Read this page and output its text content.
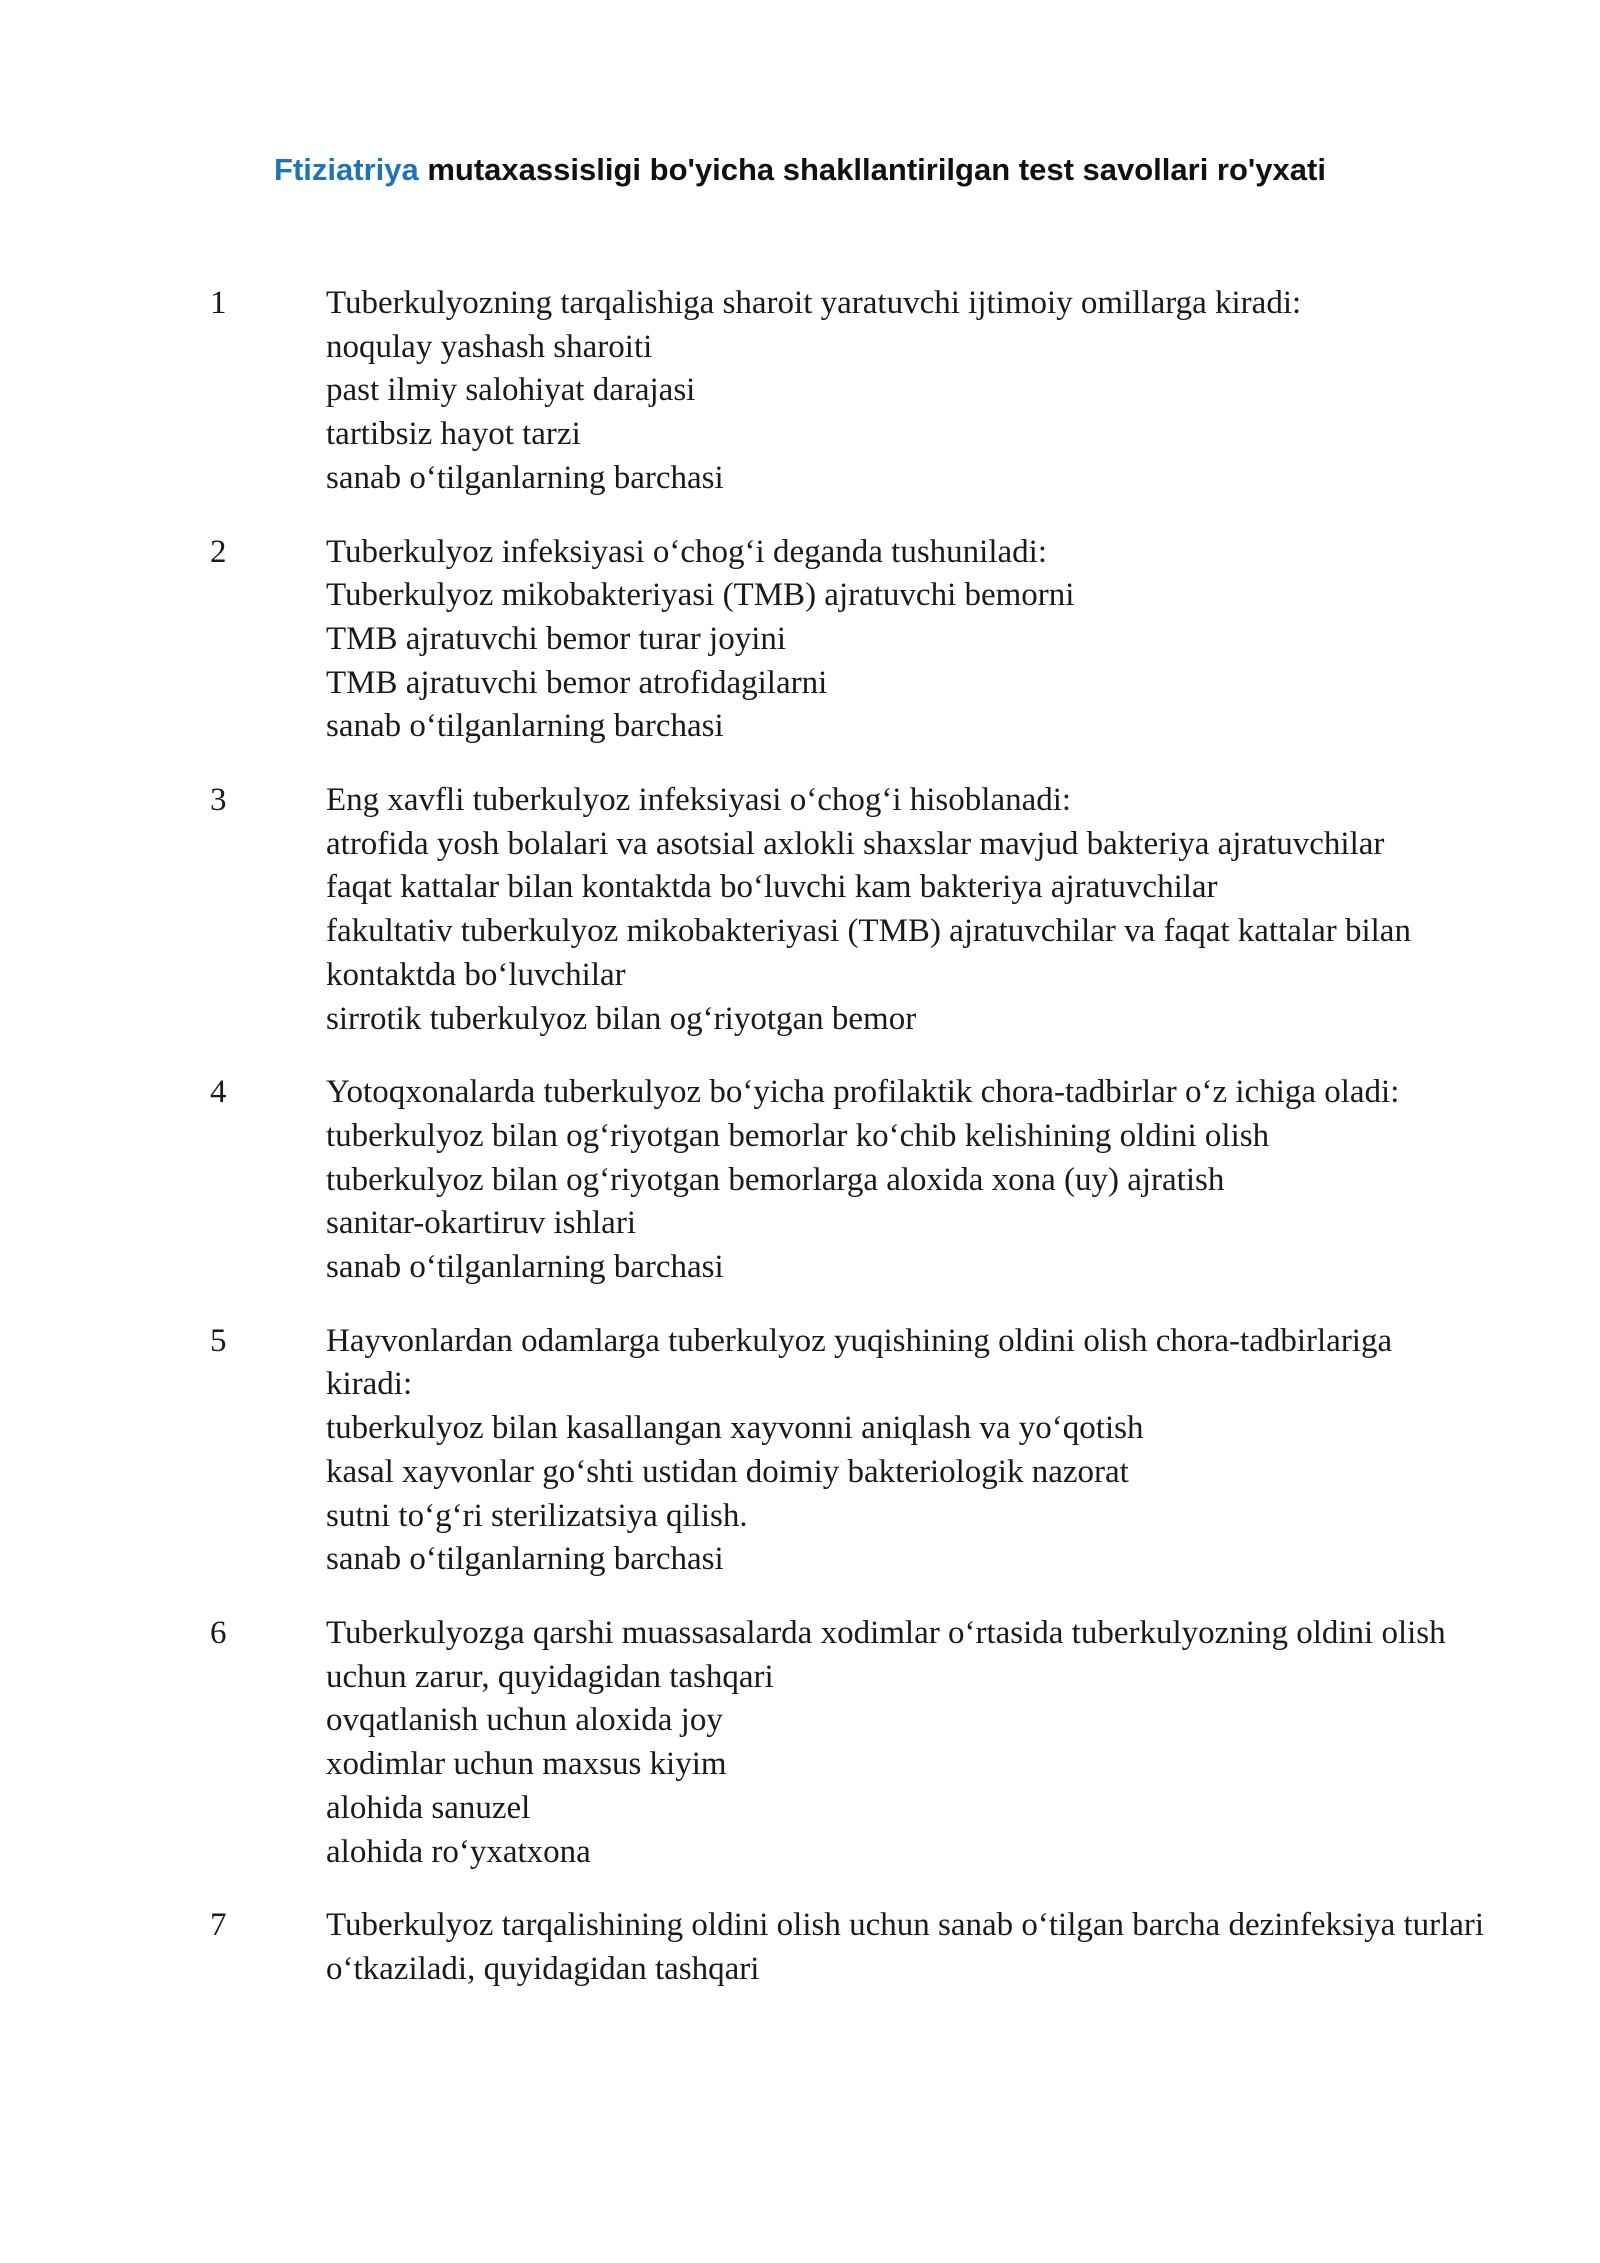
Ftiziatriya mutaxassisligi bo'yicha shakllantirilgan test savollari ro'yxati
1	Tuberkulyozning tarqalishiga sharoit yaratuvchi ijtimoiy omillarga kiradi:
noqulay yashash sharoiti
past ilmiy salohiyat darajasi
tartibsiz hayot tarzi
sanab o‘tilganlarning barchasi
2	Tuberkulyoz infeksiyasi o‘chog‘i deganda tushuniladi:
Tuberkulyoz mikobakteriyasi (TMB) ajratuvchi bemorni
TMB ajratuvchi bemor turar joyini
TMB ajratuvchi bemor atrofidagilarni
sanab o‘tilganlarning barchasi
3	Eng xavfli tuberkulyoz infeksiyasi o‘chog‘i hisoblanadi:
atrofida yosh bolalari va asotsial axlokli shaxslar mavjud bakteriya ajratuvchilar
faqat kattalar bilan kontaktda bo‘luvchi kam bakteriya ajratuvchilar
fakultativ tuberkulyoz mikobakteriyasi (TMB) ajratuvchilar va faqat kattalar bilan kontaktda bo‘luvchilar
sirrotik tuberkulyoz bilan og‘riyotgan bemor
4	Yotoqxonalarda tuberkulyoz bo‘yicha profilaktik chora-tadbirlar o‘z ichiga oladi:
tuberkulyoz bilan og‘riyotgan bemorlar ko‘chib kelishining oldini olish
tuberkulyoz bilan og‘riyotgan bemorlarga aloxida xona (uy) ajratish
sanitar-okartiruv ishlari
sanab o‘tilganlarning barchasi
5	Hayvonlardan odamlarga tuberkulyoz yuqishining oldini olish chora-tadbirlariga kiradi:
tuberkulyoz bilan kasallangan xayvonni aniqlash va yo‘qotish
kasal xayvonlar go‘shti ustidan doimiy bakteriologik nazorat
sutni to‘g‘ri sterilizatsiya qilish.
sanab o‘tilganlarning barchasi
6	Tuberkulyozga qarshi muassasalarda xodimlar o‘rtasida tuberkulyozning oldini olish uchun zarur, quyidagidan tashqari
ovqatlanish uchun aloxida joy
xodimlar uchun maxsus kiyim
alohida sanuzel
alohida ro‘yxatxona
7	Tuberkulyoz tarqalishining oldini olish uchun sanab o‘tilgan barcha dezinfeksiya turlari o‘tkaziladi, quyidagidan tashqari
